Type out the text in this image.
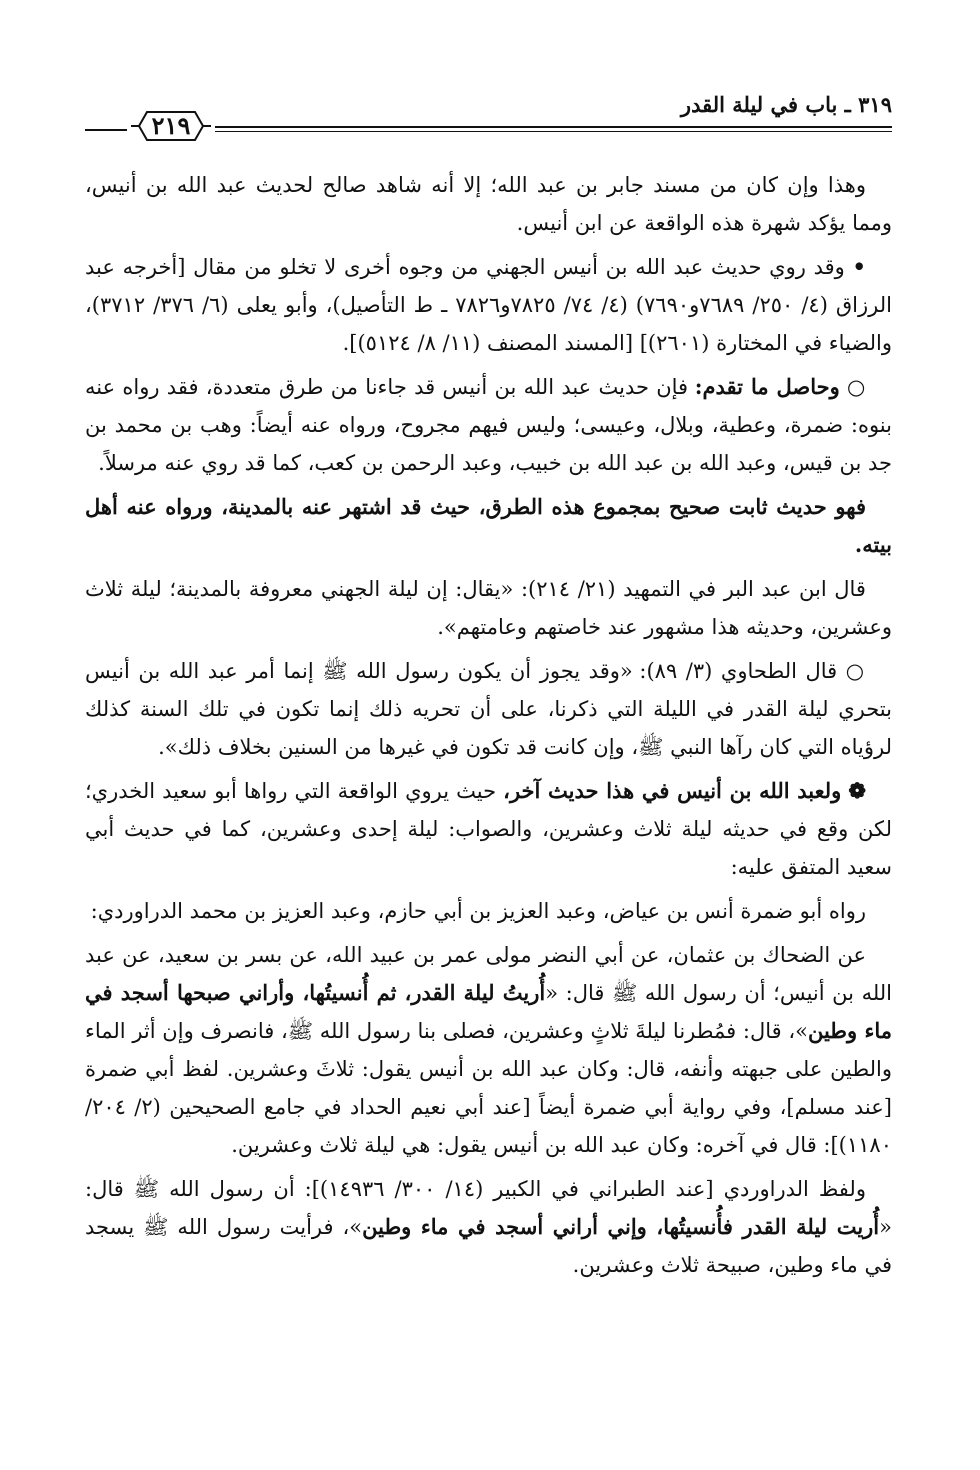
٣١٩ ـ باب في ليلة القدر
٢١٩

وهذا وإن كان من مسند جابر بن عبد الله؛ إلا أنه شاهد صالح لحديث عبد الله بن أنيس، ومما يؤكد شهرة هذه الواقعة عن ابن أنيس.

• وقد روي حديث عبد الله بن أنيس الجهني من وجوه أخرى لا تخلو من مقال [أخرجه عبد الرزاق (٤/ ٢٥٠/ ٧٦٨٩و٧٦٩٠) (٤/ ٧٤/ ٧٨٢٥و٧٨٢٦ ـ ط التأصيل)، وأبو يعلى (٦/ ٣٧٦/ ٣٧١٢)، والضياء في المختارة (٢٦٠١)] [المسند المصنف (١١/ ٨/ ٥١٢٤)].

○ وحاصل ما تقدم: فإن حديث عبد الله بن أنيس قد جاءنا من طرق متعددة، فقد رواه عنه بنوه: ضمرة، وعطية، وبلال، وعيسى؛ وليس فيهم مجروح، ورواه عنه أيضاً: وهب بن محمد بن جد بن قيس، وعبد الله بن عبد الله بن خبيب، وعبد الرحمن بن كعب، كما قد روي عنه مرسلاً.

فهو حديث ثابت صحيح بمجموع هذه الطرق، حيث قد اشتهر عنه بالمدينة، ورواه عنه أهل بيته.

قال ابن عبد البر في التمهيد (٢١/ ٢١٤): «يقال: إن ليلة الجهني معروفة بالمدينة؛ ليلة ثلاث وعشرين، وحديثه هذا مشهور عند خاصتهم وعامتهم».

○ قال الطحاوي (٣/ ٨٩): «وقد يجوز أن يكون رسول الله ﷺ إنما أمر عبد الله بن أنيس بتحري ليلة القدر في الليلة التي ذكرنا، على أن تحريه ذلك إنما تكون في تلك السنة كذلك لرؤياه التي كان رآها النبي ﷺ، وإن كانت قد تكون في غيرها من السنين بخلاف ذلك».

❁ ولعبد الله بن أنيس في هذا حديث آخر، حيث يروي الواقعة التي رواها أبو سعيد الخدري؛ لكن وقع في حديثه ليلة ثلاث وعشرين، والصواب: ليلة إحدى وعشرين، كما في حديث أبي سعيد المتفق عليه:

رواه أبو ضمرة أنس بن عياض، وعبد العزيز بن أبي حازم، وعبد العزيز بن محمد الدراوردي:

عن الضحاك بن عثمان، عن أبي النضر مولى عمر بن عبيد الله، عن بسر بن سعيد، عن عبد الله بن أنيس؛ أن رسول الله ﷺ قال: «أُريتُ ليلة القدر، ثم أُنسيتُها، وأراني صبحها أسجد في ماء وطين»، قال: فمُطرنا ليلةَ ثلاثٍ وعشرين، فصلى بنا رسول الله ﷺ، فانصرف وإن أثر الماء والطين على جبهته وأنفه، قال: وكان عبد الله بن أنيس يقول: ثلاثَ وعشرين. لفظ أبي ضمرة [عند مسلم]، وفي رواية أبي ضمرة أيضاً [عند أبي نعيم الحداد في جامع الصحيحين (٢/ ٢٠٤/ ١١٨٠)]: قال في آخره: وكان عبد الله بن أنيس يقول: هي ليلة ثلاث وعشرين.

ولفظ الدراوردي [عند الطبراني في الكبير (١٤/ ٣٠٠/ ١٤٩٣٦)]: أن رسول الله ﷺ قال: «أُريت ليلة القدر فأُنسيتُها، وإني أراني أسجد في ماء وطين»، فرأيت رسول الله ﷺ يسجد في ماء وطين، صبيحة ثلاث وعشرين.
